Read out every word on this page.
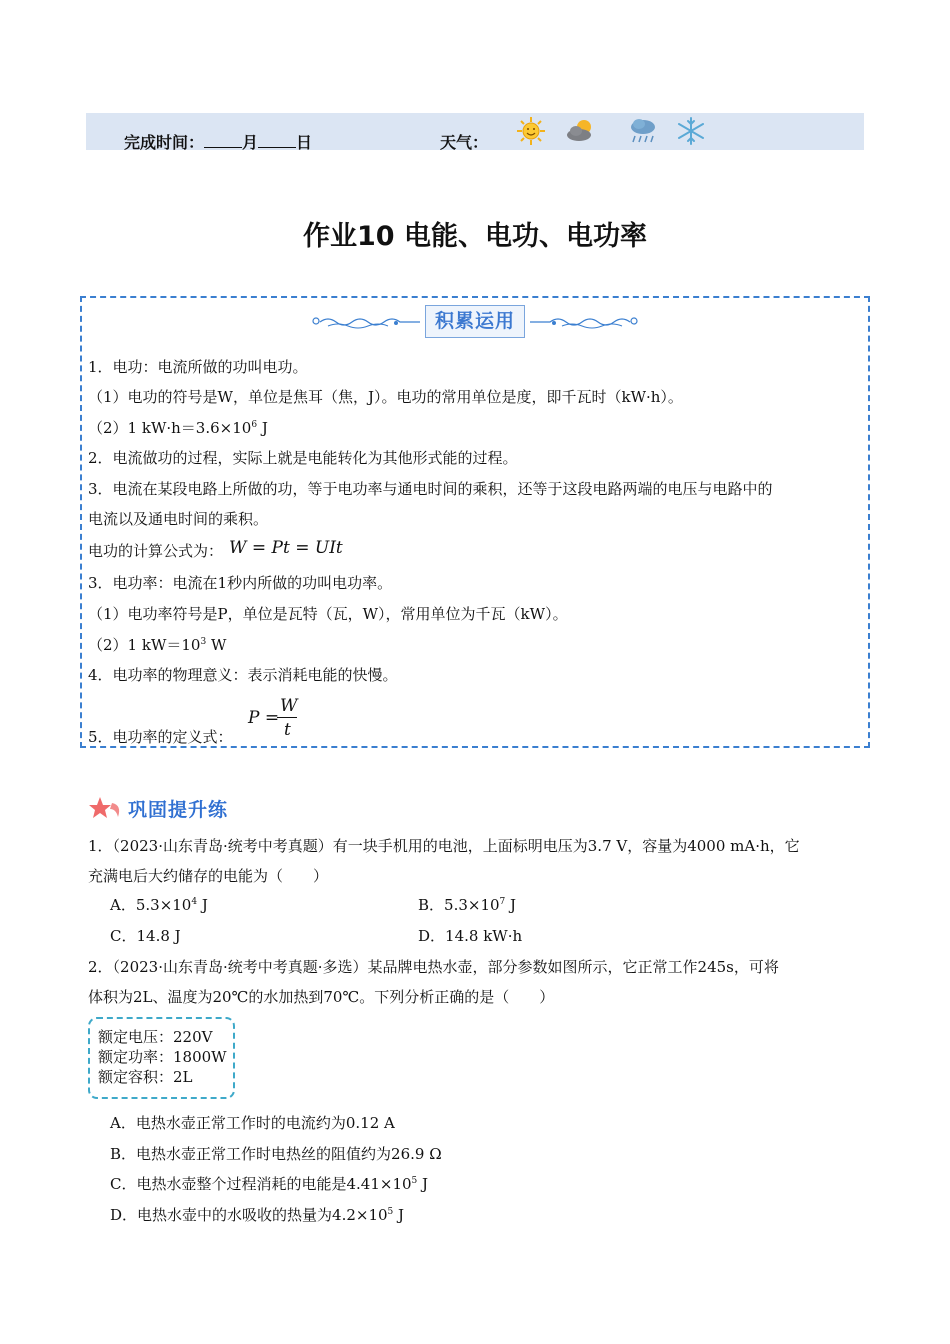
完成时间： 月 日	天气：
作业10 电能、电功、电功率
积累运用
1．电功：电流所做的功叫电功。
（1）电功的符号是W，单位是焦耳（焦，J）。电功的常用单位是度，即千瓦时（kW·h）。
（2）1 $kW\cdot h=3.6\times 10^6$ J
2．电流做功的过程，实际上就是电能转化为其他形式能的过程。
3．电流在某段电路上所做的功，等于电功率与通电时间的乘积，还等于这段电路两端的电压与电路中的
电流以及通电时间的乘积。
电功的计算公式为： W = Pt = UIt
3．电功率：电流在1秒内所做的功叫电功率。
（1）电功率符号是P，单位是瓦特（瓦，W），常用单位为千瓦（kW）。
（2）1 $kW=10^3$ W
4．电功率的物理意义：表示消耗电能的快慢。
5．电功率的定义式：
P =
W
t
巩固提升练
1．（2023·山东青岛·统考中考真题）有一块手机用的电池，上面标明电压为3.7 V，容量为4000 mA·h，它
充满电后大约储存的电能为（　　）
A．$5.3\times 10^4$ J	B．$5.3\times 10^7$ J
C．14.8 J	D．14.8 kW·h
2．（2023·山东青岛·统考中考真题·多选）某品牌电热水壶，部分参数如图所示，它正常工作245s，可将
体积为2L、温度为20℃的水加热到70℃。下列分析正确的是（　　）
额定电压：220V
额定功率：1800W
额定容积：2L
A．电热水壶正常工作时的电流约为0.12 A
B．电热水壶正常工作时电热丝的阻值约为26.9 Ω
C．电热水壶整个过程消耗的电能是$4.41\times 10^5$ J
D．电热水壶中的水吸收的热量为$4.2\times 10^5$ J
